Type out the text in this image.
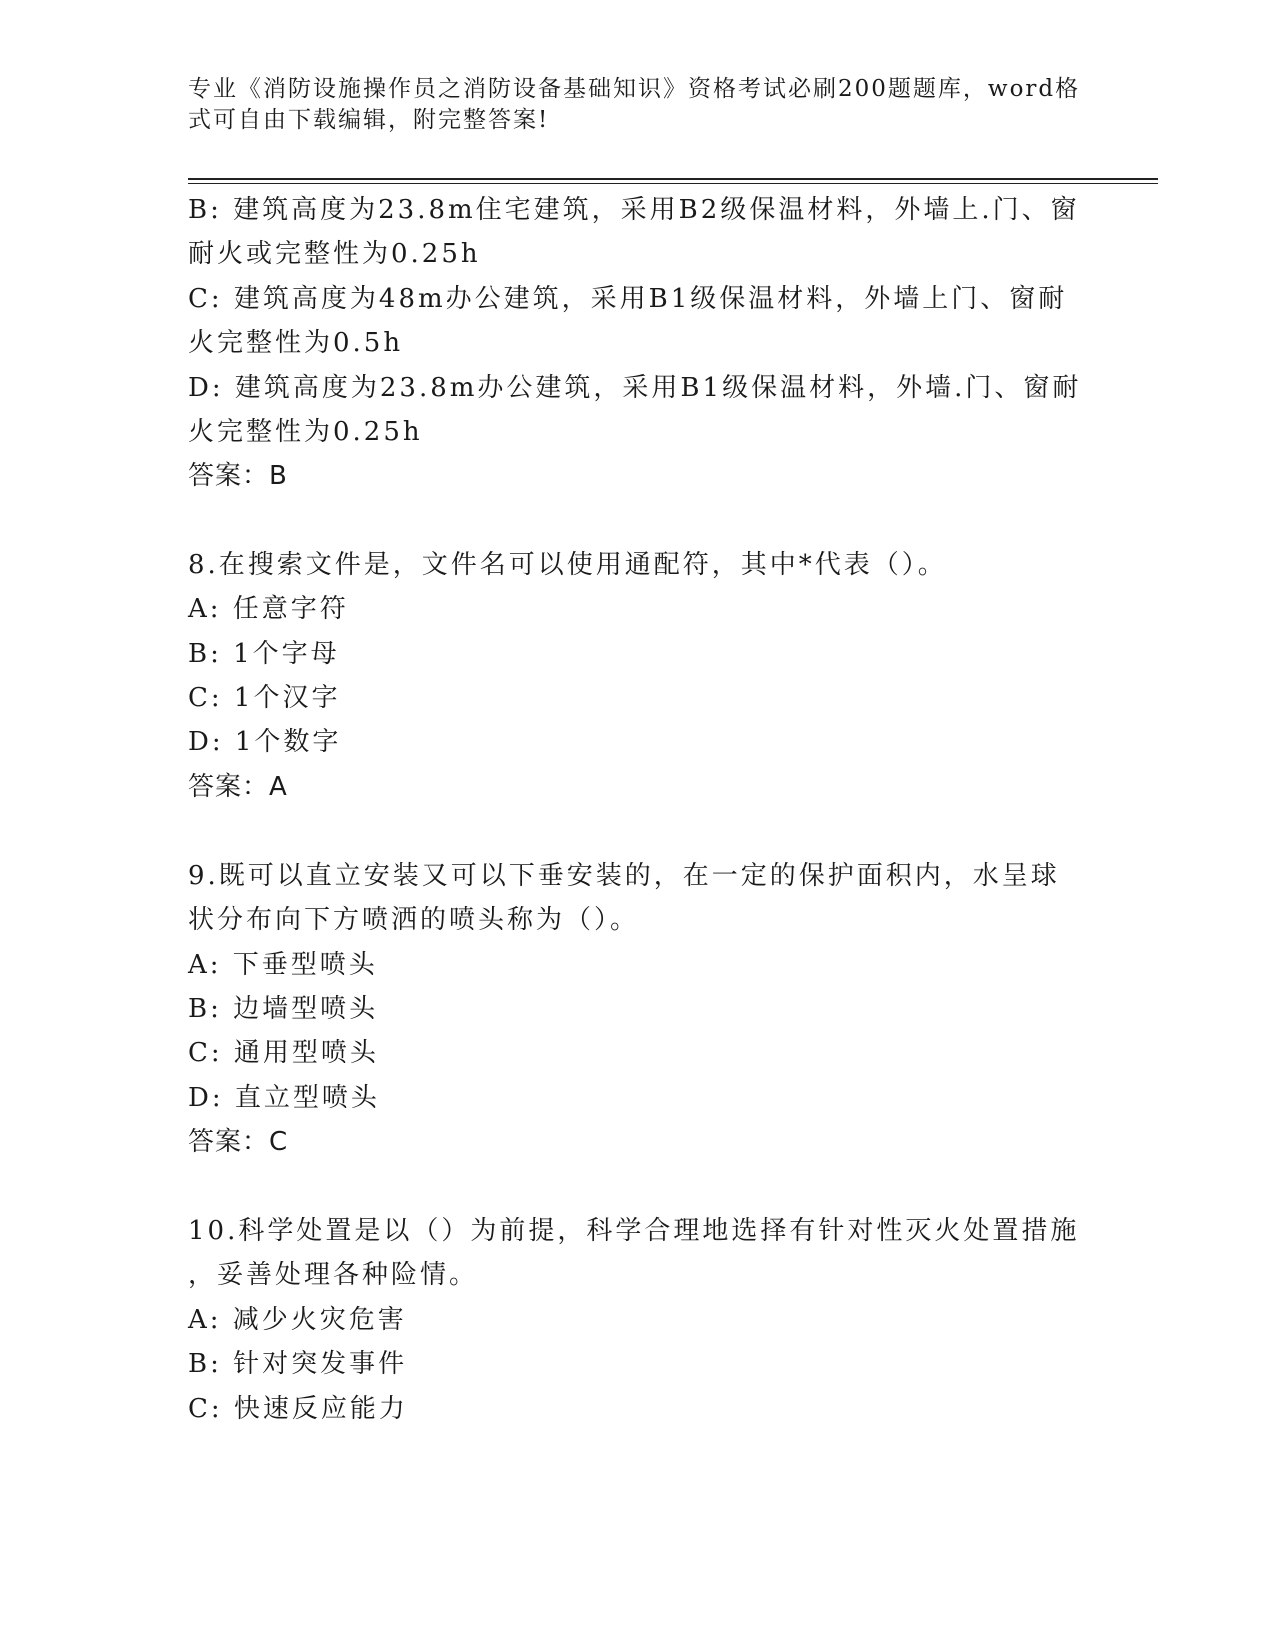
专业《消防设施操作员之消防设备基础知识》资格考试必刷200题题库，word格
式可自由下载编辑，附完整答案!
B: 建筑高度为23.8m住宅建筑，采用B2级保温材料，外墙上.门、窗
耐火或完整性为0.25h
C: 建筑高度为48m办公建筑，采用B1级保温材料，外墙上门、窗耐
火完整性为0.5h
D: 建筑高度为23.8m办公建筑，采用B1级保温材料，外墙.门、窗耐
火完整性为0.25h
答案：B
8.在搜索文件是，文件名可以使用通配符，其中*代表（）。
A: 任意字符
B: 1个字母
C: 1个汉字
D: 1个数字
答案：A
9.既可以直立安装又可以下垂安装的，在一定的保护面积内，水呈球
状分布向下方喷洒的喷头称为（）。
A: 下垂型喷头
B: 边墙型喷头
C: 通用型喷头
D: 直立型喷头
答案：C
10.科学处置是以（）为前提，科学合理地选择有针对性灭火处置措施
，妥善处理各种险情。
A: 减少火灾危害
B: 针对突发事件
C: 快速反应能力
